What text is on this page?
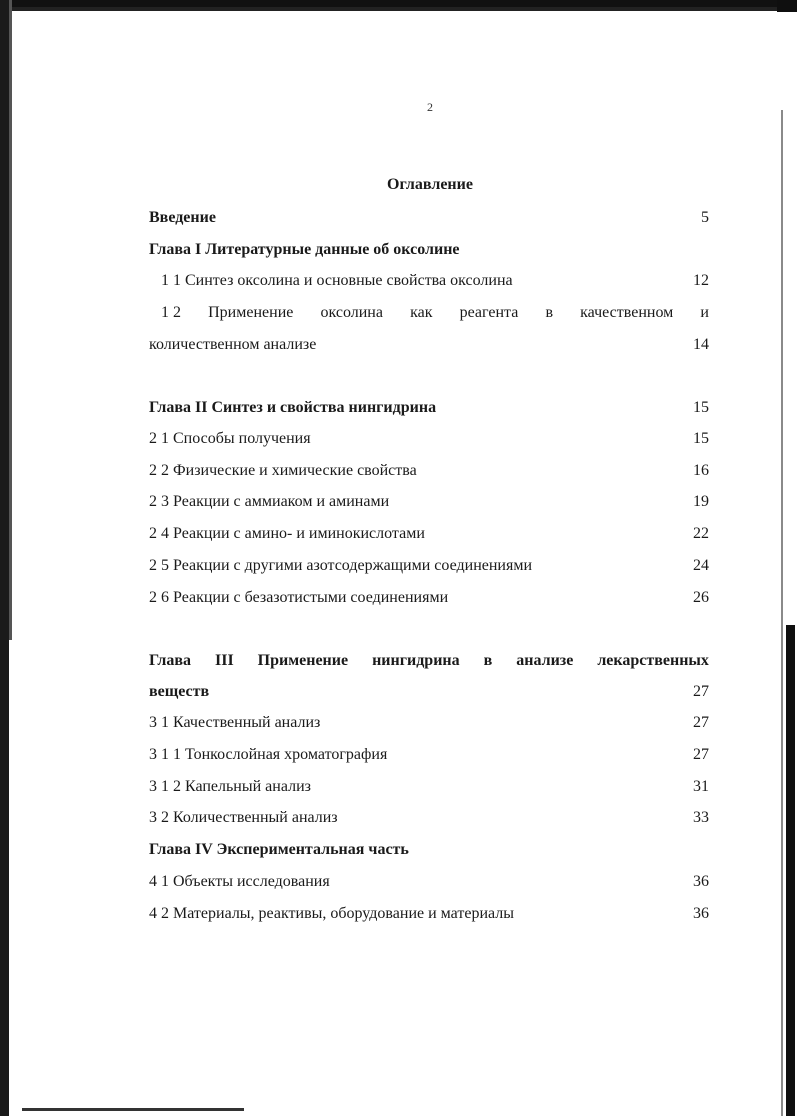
2
Оглавление
Введение	5
Глава I Литературные данные об оксолине
1 1 Синтез оксолина и основные свойства оксолина	12
1 2 Применение оксолина как реагента в качественном и
количественном анализе	14
Глава II Синтез и свойства нингидрина	15
2 1 Способы получения	15
2 2 Физические и химические свойства	16
2 3 Реакции с аммиаком и аминами	19
2 4 Реакции с амино- и иминокислотами	22
2 5 Реакции с другими азотсодержащими соединениями	24
2 6 Реакции с безазотистыми соединениями	26
Глава III Применение нингидрина в анализе лекарственных
веществ	27
3 1 Качественный анализ	27
3 1 1 Тонкослойная хроматография	27
3 1 2 Капельный анализ	31
3 2 Количественный анализ	33
Глава IV Экспериментальная часть
4 1 Объекты исследования	36
4 2 Материалы, реактивы, оборудование и материалы	36
